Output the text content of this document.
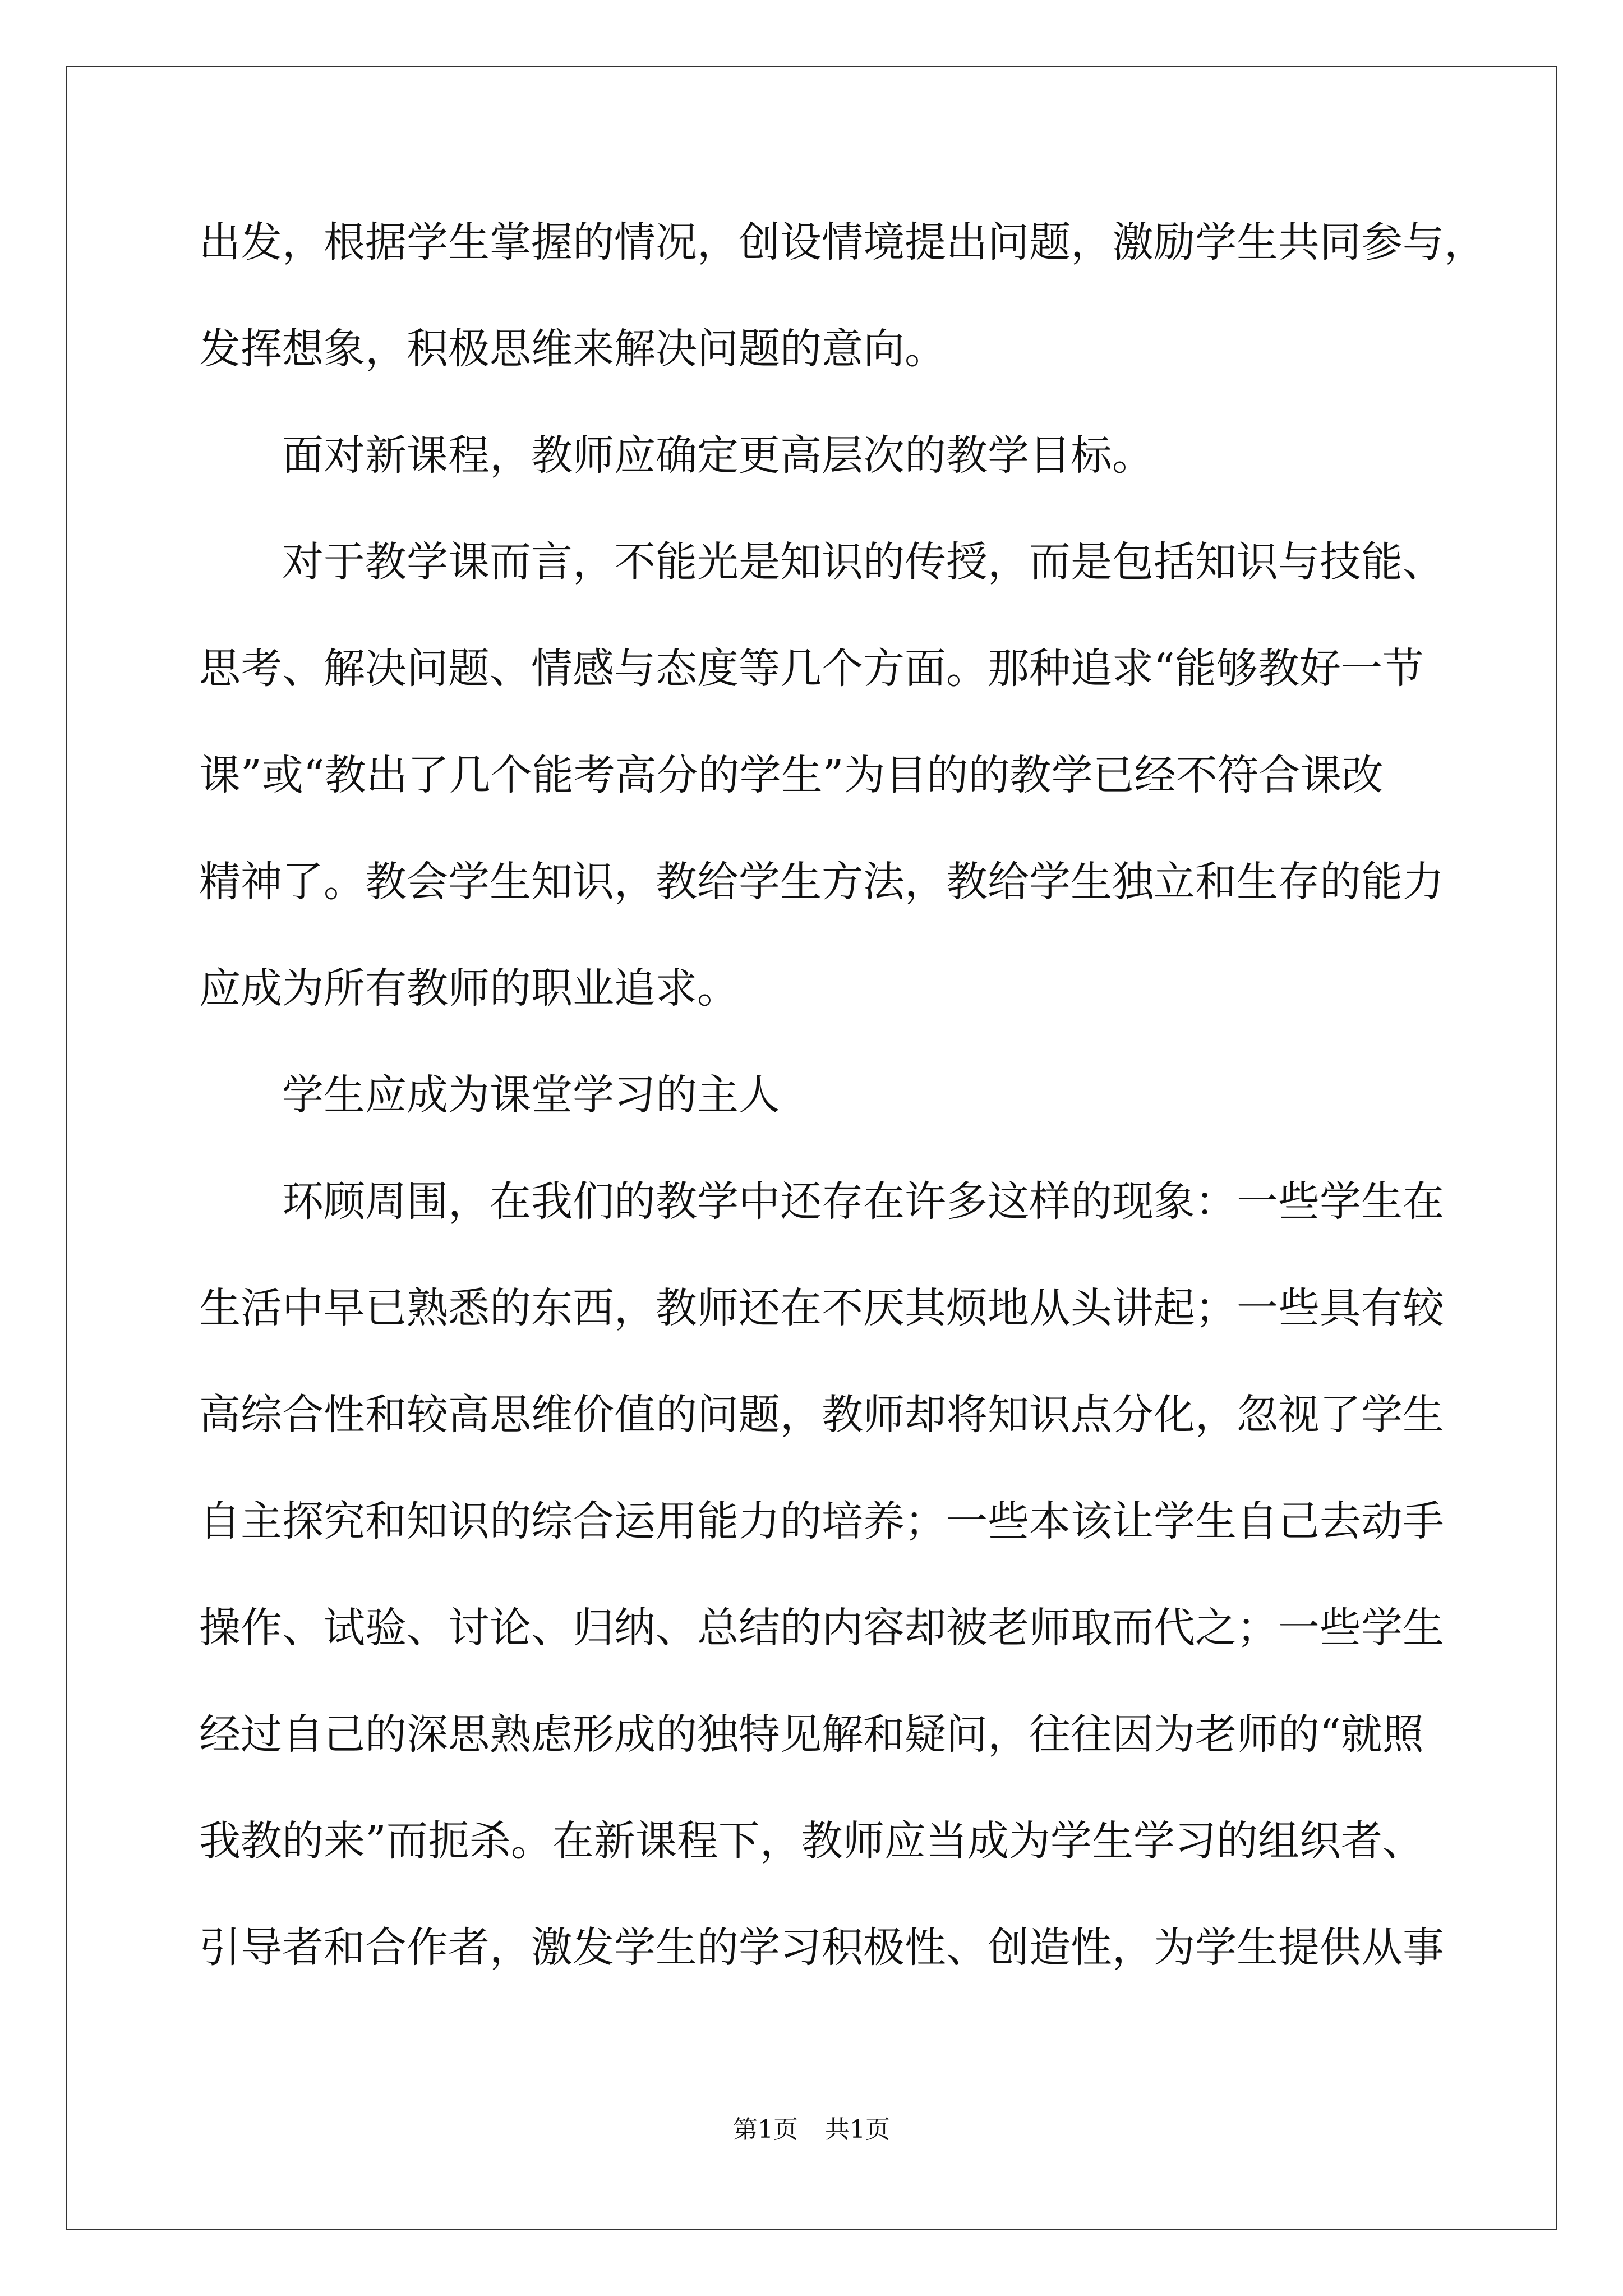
出发，根据学生掌握的情况，创设情境提出问题，激励学生共同参与，
发挥想象，积极思维来解决问题的意向。
面对新课程，教师应确定更高层次的教学目标。
对于教学课而言，不能光是知识的传授，而是包括知识与技能、
思考、解决问题、情感与态度等几个方面。那种追求“能够教好一节
课”或“教出了几个能考高分的学生”为目的的教学已经不符合课改
精神了。教会学生知识，教给学生方法，教给学生独立和生存的能力
应成为所有教师的职业追求。
学生应成为课堂学习的主人
环顾周围，在我们的教学中还存在许多这样的现象：一些学生在
生活中早已熟悉的东西，教师还在不厌其烦地从头讲起；一些具有较
高综合性和较高思维价值的问题，教师却将知识点分化，忽视了学生
自主探究和知识的综合运用能力的培养；一些本该让学生自己去动手
操作、试验、讨论、归纳、总结的内容却被老师取而代之；一些学生
经过自己的深思熟虑形成的独特见解和疑问，往往因为老师的“就照
我教的来”而扼杀。在新课程下，教师应当成为学生学习的组织者、
引导者和合作者，激发学生的学习积极性、创造性，为学生提供从事
第1页 共1页
